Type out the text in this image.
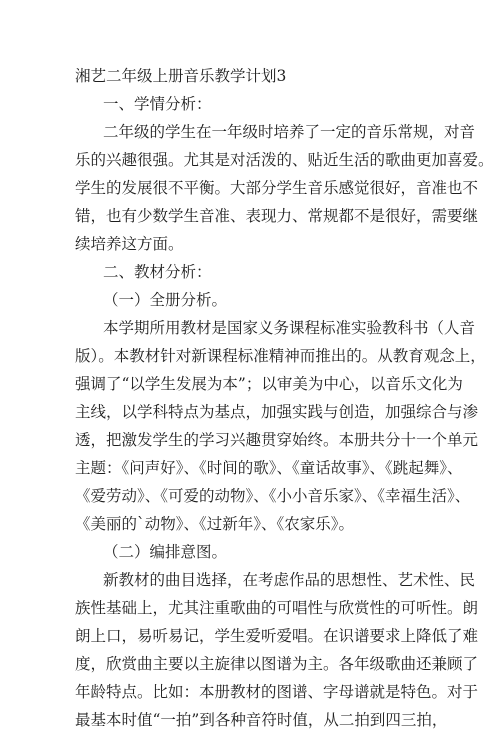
湘艺二年级上册音乐教学计划3
一、学情分析：
二年级的学生在一年级时培养了一定的音乐常规，对音
乐的兴趣很强。尤其是对活泼的、贴近生活的歌曲更加喜爱。
学生的发展很不平衡。大部分学生音乐感觉很好，音准也不
错，也有少数学生音准、表现力、常规都不是很好，需要继
续培养这方面。
二、教材分析：
（一）全册分析。
本学期所用教材是国家义务课程标准实验教科书（人音
版）。本教材针对新课程标准精神而推出的。从教育观念上，
强调了“以学生发展为本”；以审美为中心，以音乐文化为
主线，以学科特点为基点，加强实践与创造，加强综合与渗
透，把激发学生的学习兴趣贯穿始终。本册共分十一个单元
主题：《问声好》、《时间的歌》、《童话故事》、《跳起舞》、
《爱劳动》、《可爱的动物》、《小小音乐家》、《幸福生活》、
《美丽的`动物》、《过新年》、《农家乐》。
（二）编排意图。
新教材的曲目选择，在考虑作品的思想性、艺术性、民
族性基础上，尤其注重歌曲的可唱性与欣赏性的可听性。朗
朗上口，易听易记，学生爱听爱唱。在识谱要求上降低了难
度，欣赏曲主要以主旋律以图谱为主。各年级歌曲还兼顾了
年龄特点。比如：本册教材的图谱、字母谱就是特色。对于
最基本时值“一拍”到各种音符时值，从二拍到四三拍，
